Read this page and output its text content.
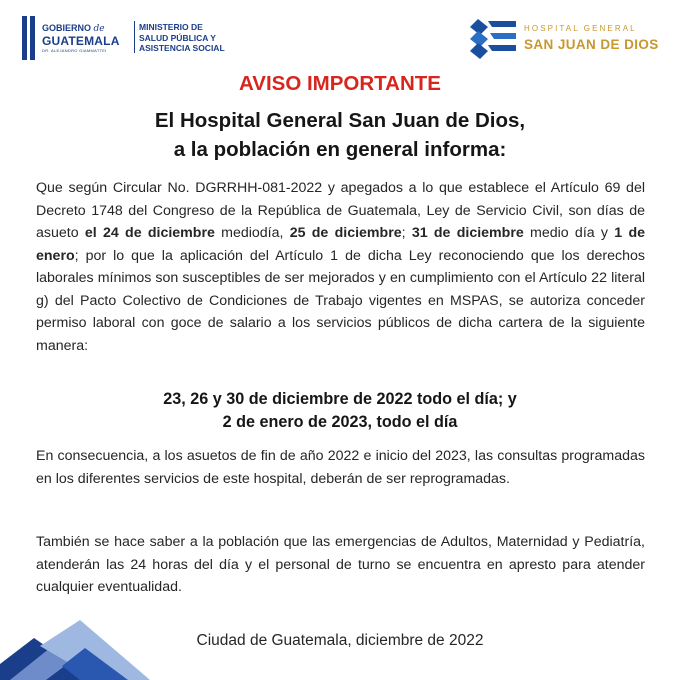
GOBIERNO de
GUATEMALA
DR. ALEJANDRO GIAMMATTEI
MINISTERIO DE
SALUD PÚBLICA Y
ASISTENCIA SOCIAL
HOSPITAL GENERAL
SAN JUAN DE DIOS
AVISO IMPORTANTE
El Hospital General San Juan de Dios,
a la población en general informa:
Que según Circular No. DGRRHH-081-2022 y apegados a lo que establece el Artículo 69 del Decreto 1748 del Congreso de la República de Guatemala, Ley de Servicio Civil, son días de asueto el 24 de diciembre mediodía, 25 de diciembre; 31 de diciembre medio día y 1 de enero; por lo que la aplicación del Artículo 1 de dicha Ley reconociendo que los derechos laborales mínimos son susceptibles de ser mejorados y en cumplimiento con el Artículo 22 literal g) del Pacto Colectivo de Condiciones de Trabajo vigentes en MSPAS, se autoriza conceder permiso laboral con goce de salario a los servicios públicos de dicha cartera de la siguiente manera:
23, 26 y 30 de diciembre de 2022 todo el día; y
2 de enero de 2023, todo el día
En consecuencia, a los asuetos de fin de año 2022 e inicio del 2023, las consultas programadas en los diferentes servicios de este hospital, deberán de ser reprogramadas.
También se hace saber a la población que las emergencias de Adultos, Maternidad y Pediatría, atenderán las 24 horas del día y el personal de turno se encuentra en apresto para atender cualquier eventualidad.
Ciudad de Guatemala, diciembre de 2022
